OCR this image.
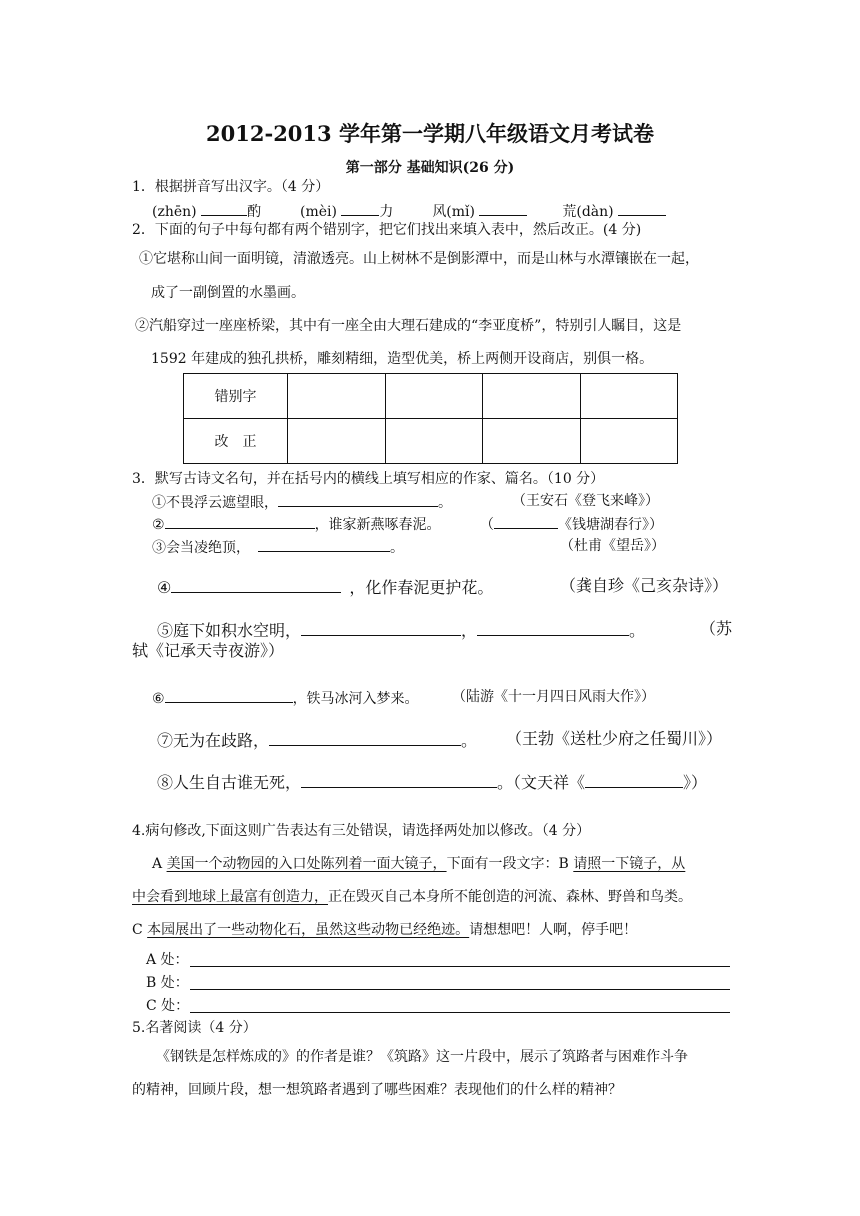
2012-2013 学年第一学期八年级语文月考试卷
第一部分 基础知识(26 分)
1．根据拼音写出汉字。（4 分）
(zhēn)	酌	(mèi)	力	风(mǐ)	荒(dàn)
2．下面的句子中每句都有两个错别字，把它们找出来填入表中，然后改正。(4 分)
①它堪称山间一面明镜，清澈透亮。山上树林不是倒影潭中，而是山林与水潭镶嵌在一起，
成了一副倒置的水墨画。
②汽船穿过一座座桥梁，其中有一座全由大理石建成的“李亚度桥”，特别引人瞩目，这是
1592 年建成的独孔拱桥，雕刻精细，造型优美，桥上两侧开设商店，别俱一格。
错别字				
改　正				
3．默写古诗文名句，并在括号内的横线上填写相应的作家、篇名。（10 分）
①不畏浮云遮望眼，	。	（王安石《登飞来峰》）
②	，谁家新燕啄春泥。	（	《钱塘湖春行》）
③会当凌绝顶，	。	（杜甫《望岳》）
④	，化作春泥更护花。	（龚自珍《己亥杂诗》）
⑤庭下如积水空明，	，	。	（苏
轼《记承天寺夜游》）
⑥	，铁马冰河入梦来。 （陆游《十一月四日风雨大作》）
⑦无为在歧路，	。 （王勃《送杜少府之任蜀川》）
⑧人生自古谁无死，	。（文天祥《	》）
4.病句修改,下面这则广告表达有三处错误，请选择两处加以修改。（4 分）
A 美国一个动物园的入口处陈列着一面大镜子，下面有一段文字：B 请照一下镜子，从
中会看到地球上最富有创造力，正在毁灭自己本身所不能创造的河流、森林、野兽和鸟类。
C 本园展出了一些动物化石，虽然这些动物已经绝迹。请想想吧！人啊，停手吧！
A 处：
B 处：
C 处：
5.名著阅读（4 分）
《钢铁是怎样炼成的》的作者是谁？《筑路》这一片段中，展示了筑路者与困难作斗争
的精神，回顾片段，想一想筑路者遇到了哪些困难？表现他们的什么样的精神？
